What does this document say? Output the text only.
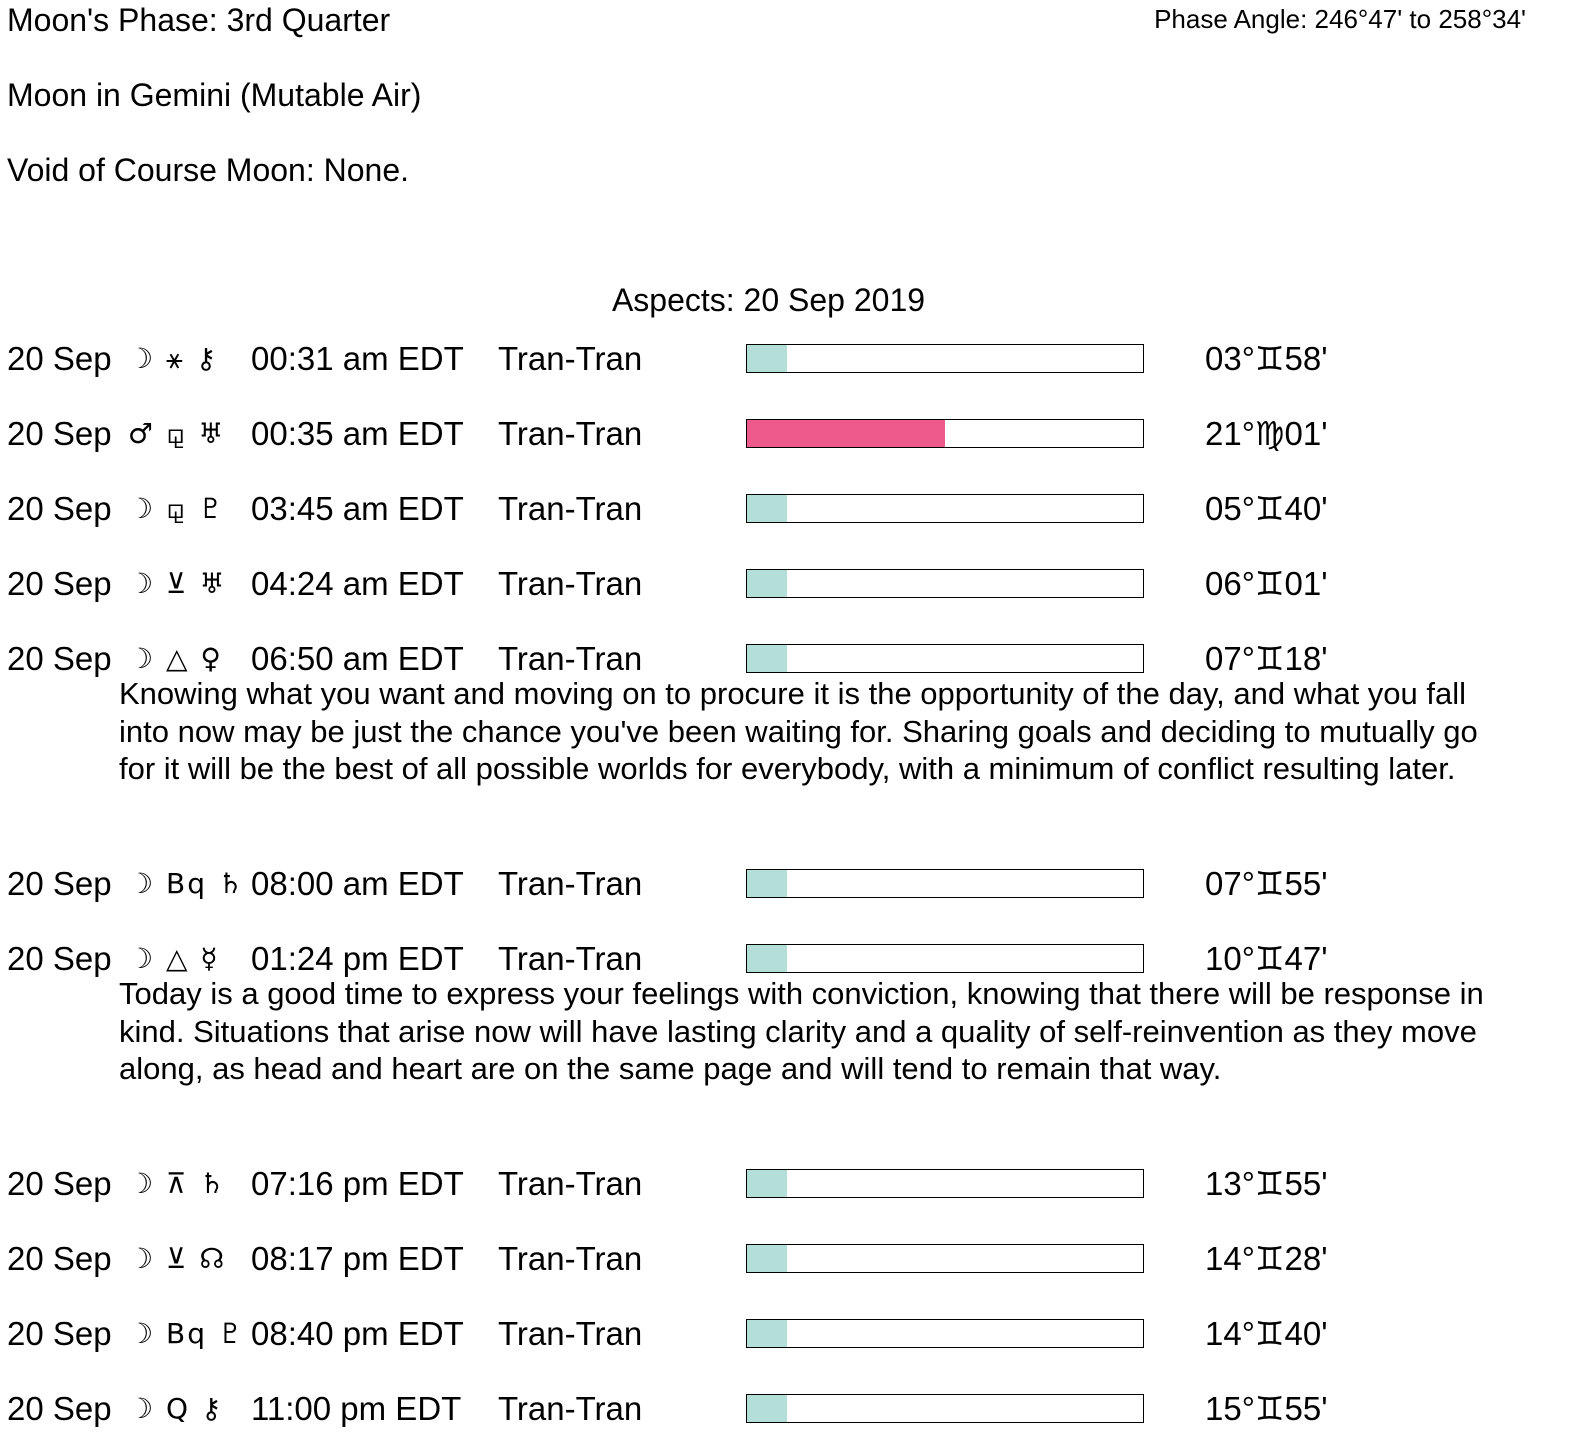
Moon's Phase: 3rd Quarter	Phase Angle: 246°47' to 258°34'
Moon in Gemini (Mutable Air)
Void of Course Moon: None.
Aspects: 20 Sep 2019
20 Sep ☽ ⚹ ⚷ 00:31 am EDT Tran-Tran	03°♊58'
20 Sep ♂ ⚼ ♅ 00:35 am EDT Tran-Tran	21°♍01'
20 Sep ☽ ⚼ ♇ 03:45 am EDT Tran-Tran	05°♊40'
20 Sep ☽ ⊻ ♅ 04:24 am EDT Tran-Tran	06°♊01'
20 Sep ☽ △ ♀ 06:50 am EDT Tran-Tran	07°♊18'
Knowing what you want and moving on to procure it is the opportunity of the day, and what you fall into now may be just the chance you've been waiting for. Sharing goals and deciding to mutually go for it will be the best of all possible worlds for everybody, with a minimum of conflict resulting later.
20 Sep ☽ Bq ♄ 08:00 am EDT Tran-Tran	07°♊55'
20 Sep ☽ △ ☿ 01:24 pm EDT Tran-Tran	10°♊47'
Today is a good time to express your feelings with conviction, knowing that there will be response in kind. Situations that arise now will have lasting clarity and a quality of self-reinvention as they move along, as head and heart are on the same page and will tend to remain that way.
20 Sep ☽ ⊼ ♄ 07:16 pm EDT Tran-Tran	13°♊55'
20 Sep ☽ ⊻ ☊ 08:17 pm EDT Tran-Tran	14°♊28'
20 Sep ☽ Bq ♇ 08:40 pm EDT Tran-Tran	14°♊40'
20 Sep ☽ Q ⚷ 11:00 pm EDT Tran-Tran	15°♊55'
